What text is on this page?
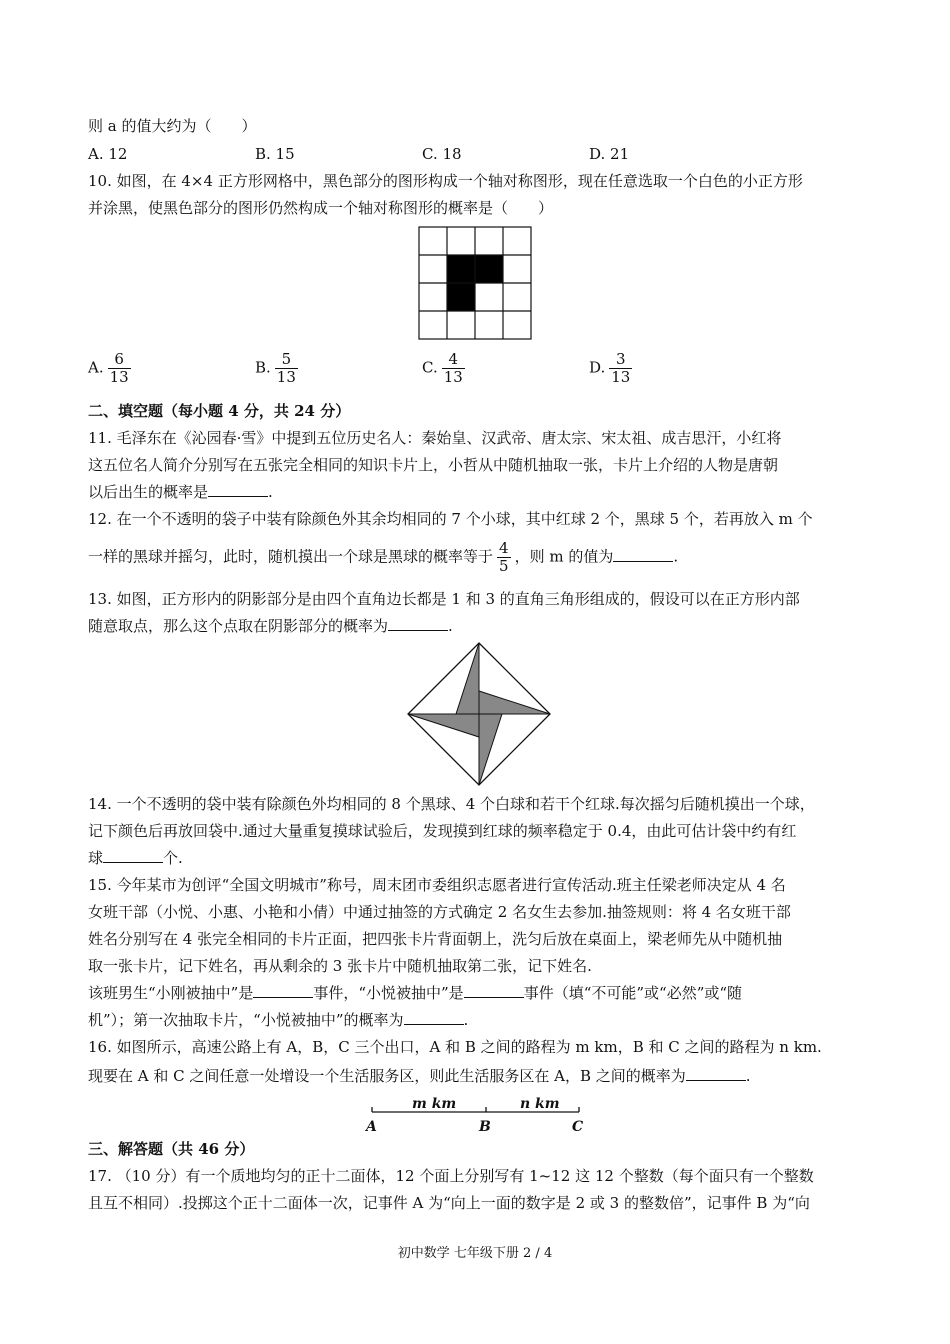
则 a 的值大约为（　　）
A. 12	B. 15	C. 18	D. 21
10. 如图，在 4×4 正方形网格中，黑色部分的图形构成一个轴对称图形，现在任意选取一个白色的小正方形
并涂黑，使黑色部分的图形仍然构成一个轴对称图形的概率是（　　）
A. $\frac{6}{13}$	B. $\frac{5}{13}$	C. $\frac{4}{13}$	D. $\frac{3}{13}$
二、填空题（每小题 4 分，共 24 分）
11. 毛泽东在《沁园春·雪》中提到五位历史名人：秦始皇、汉武帝、唐太宗、宋太祖、成吉思汗，小红将
这五位名人简介分别写在五张完全相同的知识卡片上，小哲从中随机抽取一张，卡片上介绍的人物是唐朝
以后出生的概率是	.
12. 在一个不透明的袋子中装有除颜色外其余均相同的 7 个小球，其中红球 2 个，黑球 5 个，若再放入 m 个
一样的黑球并摇匀，此时，随机摸出一个球是黑球的概率等于 $\frac{4}{5}$ ，则 m 的值为	.
13. 如图，正方形内的阴影部分是由四个直角边长都是 1 和 3 的直角三角形组成的，假设可以在正方形内部
随意取点，那么这个点取在阴影部分的概率为	.
14. 一个不透明的袋中装有除颜色外均相同的 8 个黑球、4 个白球和若干个红球.每次摇匀后随机摸出一个球，
记下颜色后再放回袋中.通过大量重复摸球试验后，发现摸到红球的频率稳定于 0.4，由此可估计袋中约有红
球	个.
15. 今年某市为创评“全国文明城市”称号，周末团市委组织志愿者进行宣传活动.班主任梁老师决定从 4 名
女班干部（小悦、小惠、小艳和小倩）中通过抽签的方式确定 2 名女生去参加.抽签规则：将 4 名女班干部
姓名分别写在 4 张完全相同的卡片正面，把四张卡片背面朝上，洗匀后放在桌面上，梁老师先从中随机抽
取一张卡片，记下姓名，再从剩余的 3 张卡片中随机抽取第二张，记下姓名.
该班男生“小刚被抽中”是	事件，“小悦被抽中”是	事件（填“不可能”或“必然”或“随
机”）；第一次抽取卡片，“小悦被抽中”的概率为	.
16. 如图所示，高速公路上有 A，B，C 三个出口，A 和 B 之间的路程为 m km，B 和 C 之间的路程为 n km.
现要在 A 和 C 之间任意一处增设一个生活服务区，则此生活服务区在 A，B 之间的概率为	.
m km	n km
A	B	C
三、解答题（共 46 分）
17. （10 分）有一个质地均匀的正十二面体，12 个面上分别写有 1~12 这 12 个整数（每个面只有一个整数
且互不相同）.投掷这个正十二面体一次，记事件 A 为“向上一面的数字是 2 或 3 的整数倍”，记事件 B 为“向
初中数学 七年级下册 2 / 4
